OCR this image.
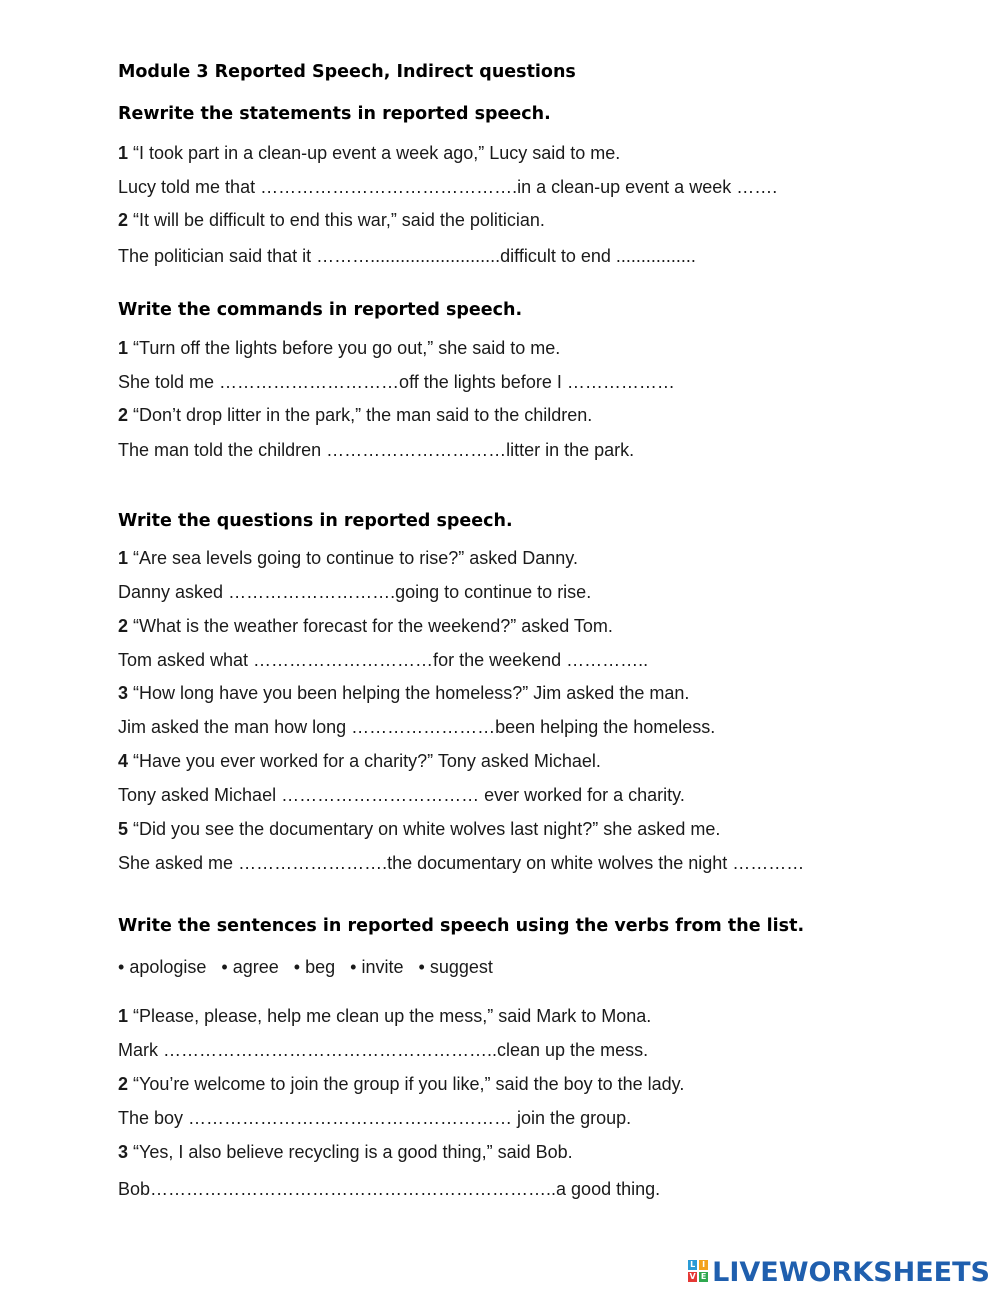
Module 3 Reported Speech, Indirect questions
Rewrite the statements in reported speech.
1 “I took part in a clean-up event a week ago,” Lucy said to me.
Lucy told me that …………………………………….in a clean-up event a week …….
2 “It will be difficult to end this war,” said the politician.
The politician said that it ………..........................difficult to end ................
Write the commands in reported speech.
1 “Turn off the lights before you go out,” she said to me.
She told me …………………………off the lights before I ………………
2 “Don’t drop litter in the park,” the man said to the children.
The man told the children …………………………litter in the park.
Write the questions in reported speech.
1 “Are sea levels going to continue to rise?” asked Danny.
Danny asked ……………………….going to continue to rise.
2 “What is the weather forecast for the weekend?” asked Tom.
Tom asked what …………………………for the weekend …………..
3 “How long have you been helping the homeless?” Jim asked the man.
Jim asked the man how long ……………………been helping the homeless.
4 “Have you ever worked for a charity?” Tony asked Michael.
Tony asked Michael …………………………… ever worked for a charity.
5 “Did you see the documentary on white wolves last night?” she asked me.
She asked me …………………….the documentary on white wolves the night …………
Write the sentences in reported speech using the verbs from the list.
• apologise • agree • beg • invite • suggest
1 “Please, please, help me clean up the mess,” said Mark to Mona.
Mark ………………………………………………..clean up the mess.
2 “You’re welcome to join the group if you like,” said the boy to the lady.
The boy ……………………………………………… join the group.
3 “Yes, I also believe recycling is a good thing,” said Bob.
Bob…………………………………………………………..a good thing.
L I
V E LIVEWORKSHEETS
